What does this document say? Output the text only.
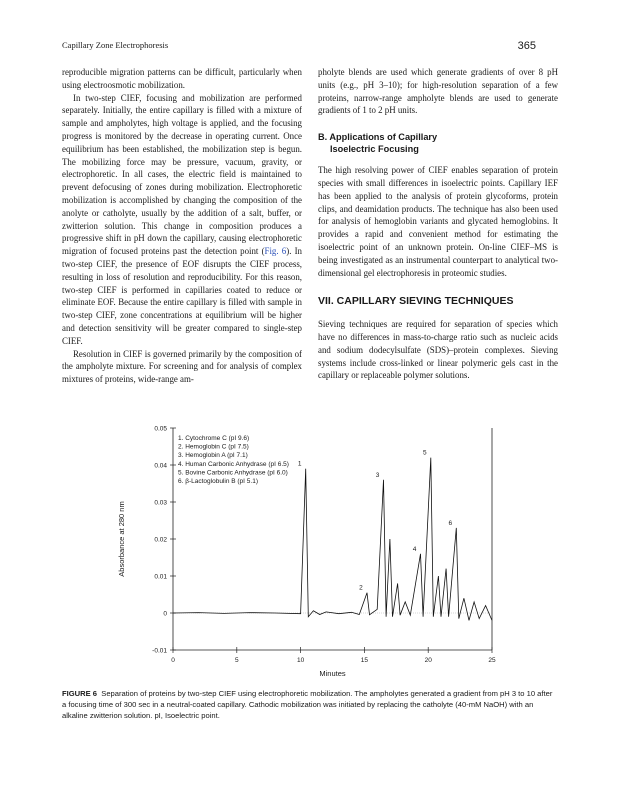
Capillary Zone Electrophoresis	365

reproducible migration patterns can be difficult, particularly when using electroosmotic mobilization.

In two-step CIEF, focusing and mobilization are performed separately. Initially, the entire capillary is filled with a mixture of sample and ampholytes, high voltage is applied, and the focusing progress is monitored by the decrease in operating current. Once equilibrium has been established, the mobilization step is begun. The mobilizing force may be pressure, vacuum, gravity, or electrophoretic. In all cases, the electric field is maintained to prevent defocusing of zones during mobilization. Electrophoretic mobilization is accomplished by changing the composition of the anolyte or catholyte, usually by the addition of a salt, buffer, or zwitterion solution. This change in composition produces a progressive shift in pH down the capillary, causing electrophoretic migration of focused proteins past the detection point (Fig. 6). In two-step CIEF, the presence of EOF disrupts the CIEF process, resulting in loss of resolution and reproducibility. For this reason, two-step CIEF is performed in capillaries coated to reduce or eliminate EOF. Because the entire capillary is filled with sample in two-step CIEF, zone concentrations at equilibrium will be higher and detection sensitivity will be greater compared to single-step CIEF.

Resolution in CIEF is governed primarily by the composition of the ampholyte mixture. For screening and for analysis of complex mixtures of proteins, wide-range am-

pholyte blends are used which generate gradients of over 8 pH units (e.g., pH 3–10); for high-resolution separation of a few proteins, narrow-range ampholyte blends are used to generate gradients of 1 to 2 pH units.

B. Applications of Capillary
Isoelectric Focusing

The high resolving power of CIEF enables separation of protein species with small differences in isoelectric points. Capillary IEF has been applied to the analysis of protein glycoforms, protein clips, and deamidation products. The technique has also been used for analysis of hemoglobin variants and glycated hemoglobins. It provides a rapid and convenient method for estimating the isoelectric point of an unknown protein. On-line CIEF–MS is being investigated as an instrumental counterpart to analytical two-dimensional gel electrophoresis in proteomic studies.

VII. CAPILLARY SIEVING TECHNIQUES

Sieving techniques are required for separation of species which have no differences in mass-to-charge ratio such as nucleic acids and sodium dodecylsulfate (SDS)–protein complexes. Sieving systems include cross-linked or linear polymeric gels cast in the capillary or replaceable polymer solutions.

-0.01
0
0.01
0.02
0.03
0.04
0.05
0	5	10	15	20	25
Minutes
Absorbance at 280 nm
1
2
3
4
5
6
1. Cytochrome C (pI 9.6)
2. Hemoglobin C (pI 7.5)
3. Hemoglobin A (pI 7.1)
4. Human Carbonic Anhydrase (pI 6.5)
5. Bovine Carbonic Anhydrase (pI 6.0)
6. β-Lactoglobulin B (pI 5.1)
FIGURE 6 Separation of proteins by two-step CIEF using electrophoretic mobilization. The ampholytes generated a gradient from pH 3 to 10 after a focusing time of 300 sec in a neutral-coated capillary. Cathodic mobilization was initiated by replacing the catholyte (40-mM NaOH) with an alkaline zwitterion solution. pI, Isoelectric point.
